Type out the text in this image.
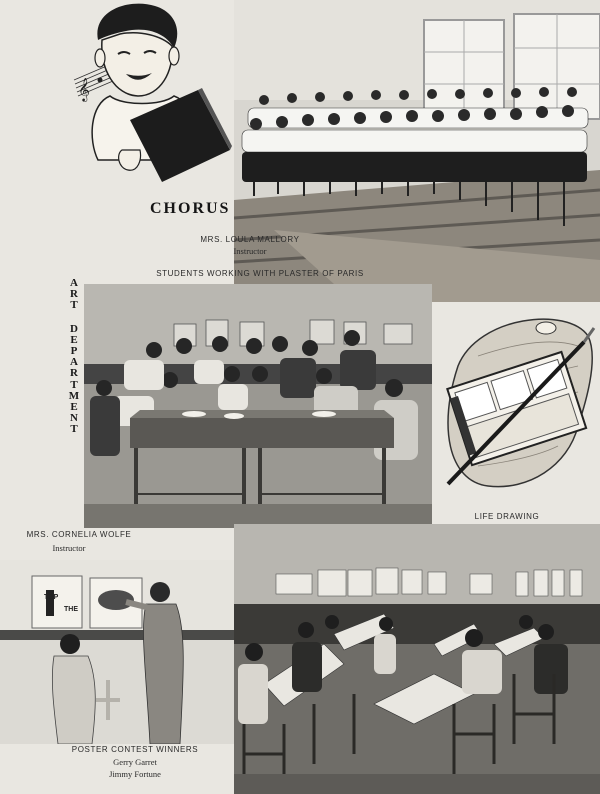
𝄞
CHORUS
MRS. LOULA MALLORY
Instructor
STUDENTS WORKING WITH PLASTER OF PARIS
A
R
T
D
E
P
A
R
T
M
E
N
T
LIFE DRAWING
MRS. CORNELIA WOLFE
Instructor
TOP
THE
POSTER CONTEST WINNERS
Gerry Garret
Jimmy Fortune
